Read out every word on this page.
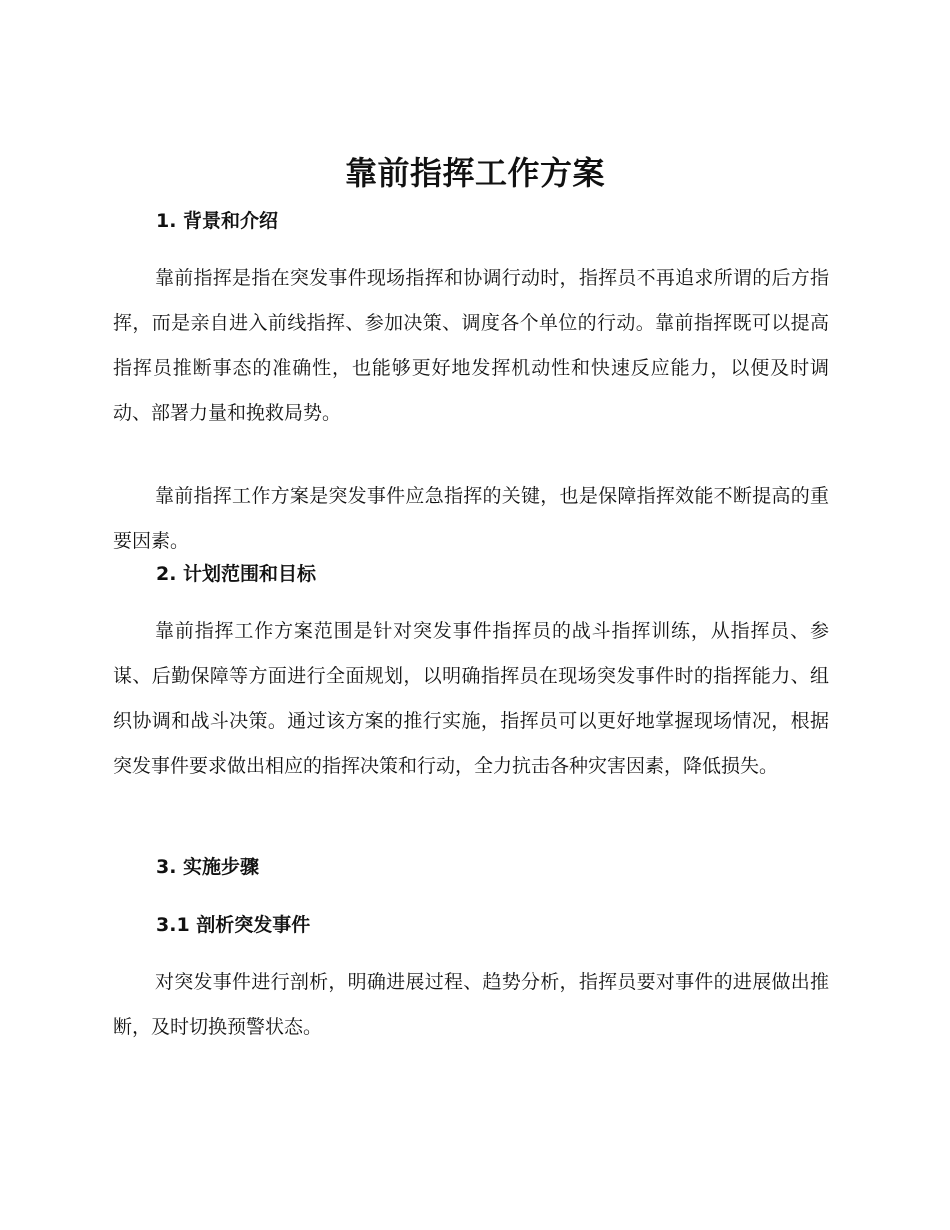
靠前指挥工作方案
1. 背景和介绍

靠前指挥是指在突发事件现场指挥和协调行动时，指挥员不再追求所谓的后方指挥，而是亲自进入前线指挥、参加决策、调度各个单位的行动。靠前指挥既可以提高指挥员推断事态的准确性，也能够更好地发挥机动性和快速反应能力，以便及时调动、部署力量和挽救局势。

靠前指挥工作方案是突发事件应急指挥的关键，也是保障指挥效能不断提高的重要因素。

2. 计划范围和目标

靠前指挥工作方案范围是针对突发事件指挥员的战斗指挥训练，从指挥员、参谋、后勤保障等方面进行全面规划，以明确指挥员在现场突发事件时的指挥能力、组织协调和战斗决策。通过该方案的推行实施，指挥员可以更好地掌握现场情况，根据突发事件要求做出相应的指挥决策和行动，全力抗击各种灾害因素，降低损失。

3. 实施步骤
3.1 剖析突发事件

对突发事件进行剖析，明确进展过程、趋势分析，指挥员要对事件的进展做出推断，及时切换预警状态。
